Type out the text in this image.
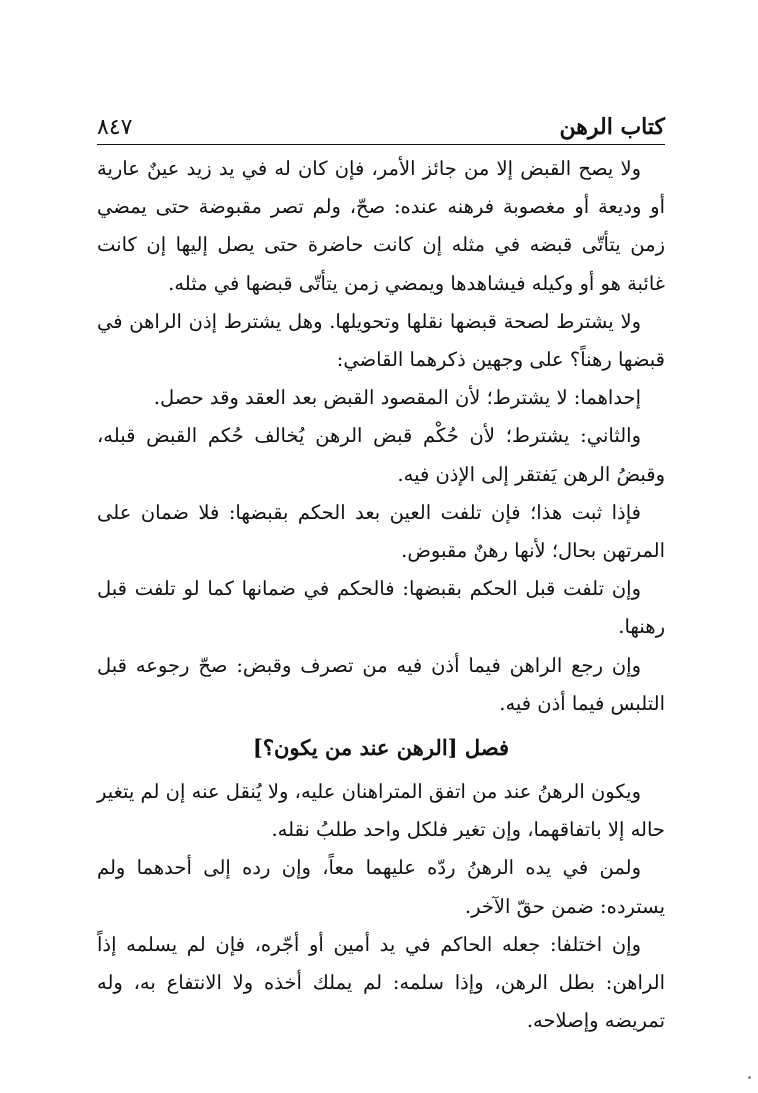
كتاب الرهن
٨٤٧

ولا يصح القبض إلا من جائز الأمر، فإن كان له في يد زيد عينٌ عارية أو وديعة أو مغصوبة فرهنه عنده: صحّ، ولم تصر مقبوضة حتى يمضي زمن يتأتّى قبضه في مثله إن كانت حاضرة حتى يصل إليها إن كانت غائبة هو أو وكيله فيشاهدها ويمضي زمن يتأتّى قبضها في مثله.

ولا يشترط لصحة قبضها نقلها وتحويلها. وهل يشترط إذن الراهن في قبضها رهناً؟ على وجهين ذكرهما القاضي:

إحداهما: لا يشترط؛ لأن المقصود القبض بعد العقد وقد حصل.

والثاني: يشترط؛ لأن حُكْم قبض الرهن يُخالف حُكم القبض قبله، وقبضُ الرهن يَفتقر إلى الإذن فيه.

فإذا ثبت هذا؛ فإن تلفت العين بعد الحكم بقبضها: فلا ضمان على المرتهن بحال؛ لأنها رهنٌ مقبوض.

وإن تلفت قبل الحكم بقبضها: فالحكم في ضمانها كما لو تلفت قبل رهنها.

وإن رجع الراهن فيما أذن فيه من تصرف وقبض: صحّ رجوعه قبل التلبس فيما أذن فيه.

فصل [الرهن عند من يكون؟]

ويكون الرهنُ عند من اتفق المتراهنان عليه، ولا يُنقل عنه إن لم يتغير حاله إلا باتفاقهما، وإن تغير فلكل واحد طلبُ نقله.

ولمن في يده الرهنُ ردّه عليهما معاً، وإن رده إلى أحدهما ولم يسترده: ضمن حقّ الآخر.

وإن اختلفا: جعله الحاكم في يد أمين أو أجّره، فإن لم يسلمه إذاً الراهن: بطل الرهن، وإذا سلمه: لم يملك أخذه ولا الانتفاع به، وله تمريضه وإصلاحه.
